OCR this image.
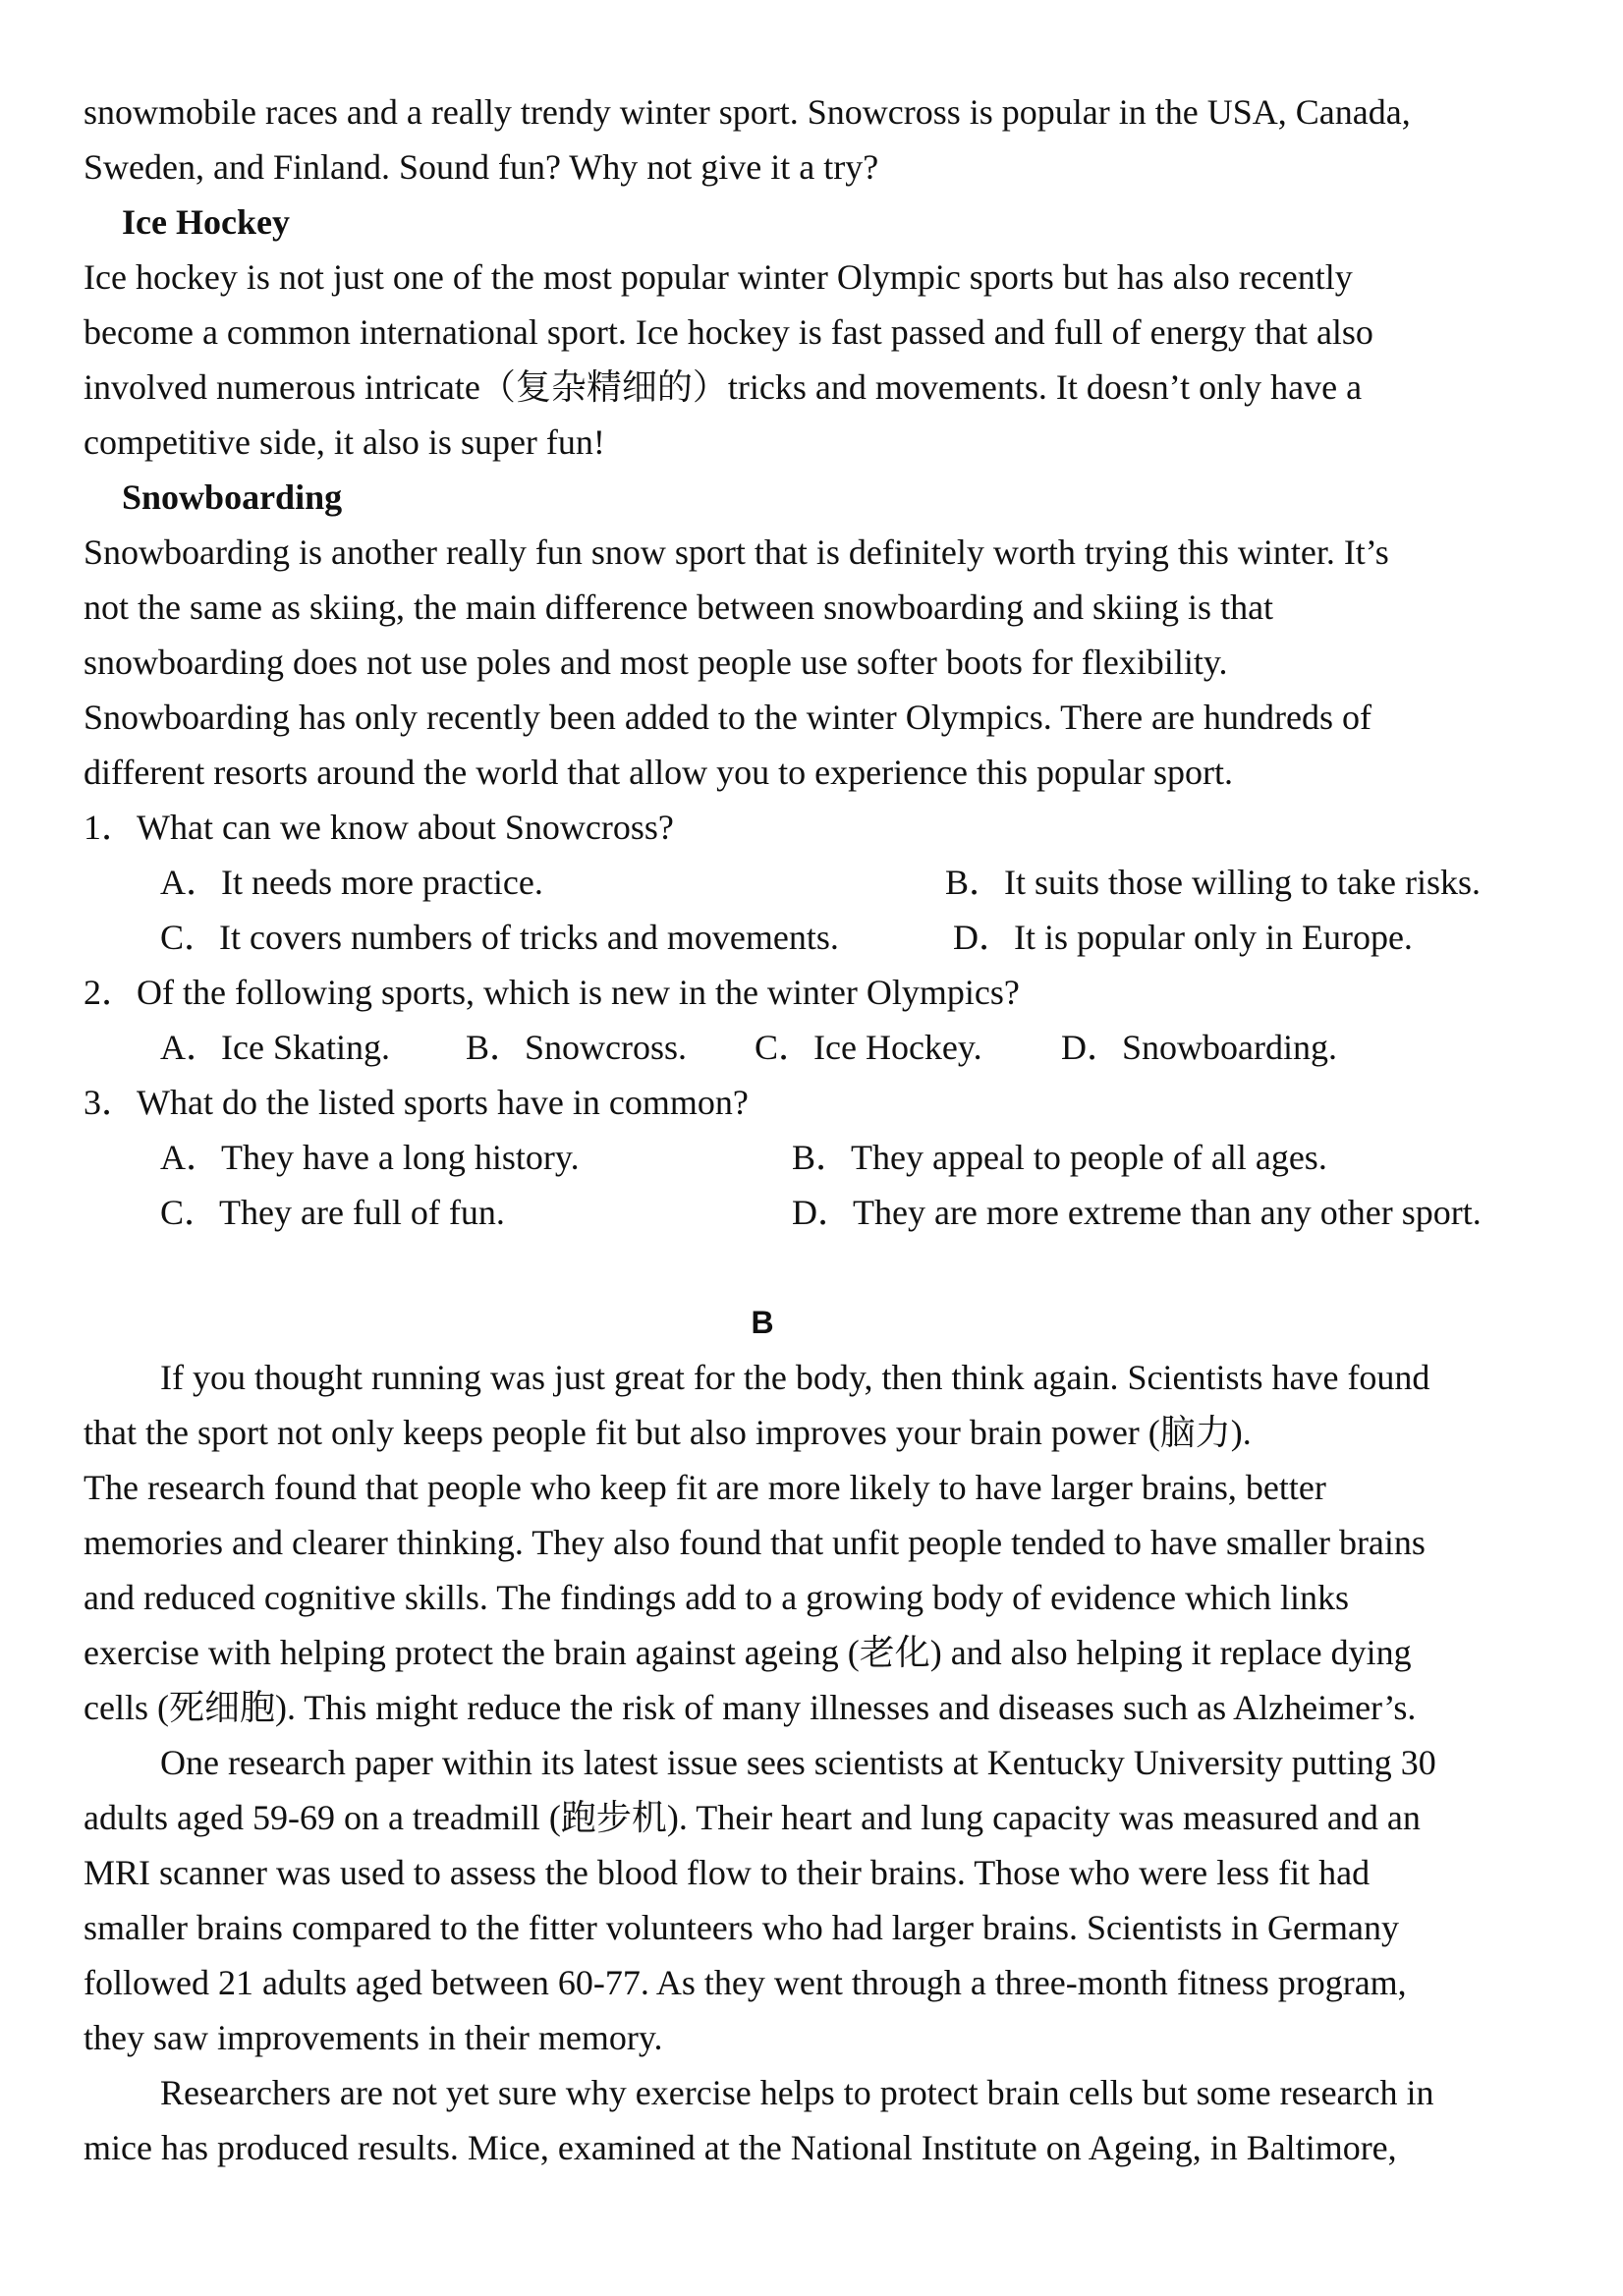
snowmobile races and a really trendy winter sport. Snowcross is popular in the USA, Canada,
Sweden, and Finland. Sound fun? Why not give it a try?
Ice Hockey
Ice hockey is not just one of the most popular winter Olympic sports but has also recently
become a common international sport. Ice hockey is fast passed and full of energy that also
involved numerous intricate（复杂精细的）tricks and movements. It doesn’t only have a
competitive side, it also is super fun!
Snowboarding
Snowboarding is another really fun snow sport that is definitely worth trying this winter. It’s
not the same as skiing, the main difference between snowboarding and skiing is that
snowboarding does not use poles and most people use softer boots for flexibility.
Snowboarding has only recently been added to the winter Olympics. There are hundreds of
different resorts around the world that allow you to experience this popular sport.
1．What can we know about Snowcross?
A．It needs more practice.	B．It suits those willing to take risks.
C．It covers numbers of tricks and movements.	D．It is popular only in Europe.
2．Of the following sports, which is new in the winter Olympics?
A．Ice Skating. B．Snowcross. C．Ice Hockey. D．Snowboarding.
3．What do the listed sports have in common?
A．They have a long history.	B．They appeal to people of all ages.
C．They are full of fun.	D．They are more extreme than any other sport.
B
If you thought running was just great for the body, then think again. Scientists have found
that the sport not only keeps people fit but also improves your brain power (脑力).
The research found that people who keep fit are more likely to have larger brains, better
memories and clearer thinking. They also found that unfit people tended to have smaller brains
and reduced cognitive skills. The findings add to a growing body of evidence which links
exercise with helping protect the brain against ageing (老化) and also helping it replace dying
cells (死细胞). This might reduce the risk of many illnesses and diseases such as Alzheimer’s.
One research paper within its latest issue sees scientists at Kentucky University putting 30
adults aged 59-69 on a treadmill (跑步机). Their heart and lung capacity was measured and an
MRI scanner was used to assess the blood flow to their brains. Those who were less fit had
smaller brains compared to the fitter volunteers who had larger brains. Scientists in Germany
followed 21 adults aged between 60-77. As they went through a three-month fitness program,
they saw improvements in their memory.
Researchers are not yet sure why exercise helps to protect brain cells but some research in
mice has produced results. Mice, examined at the National Institute on Ageing, in Baltimore,
